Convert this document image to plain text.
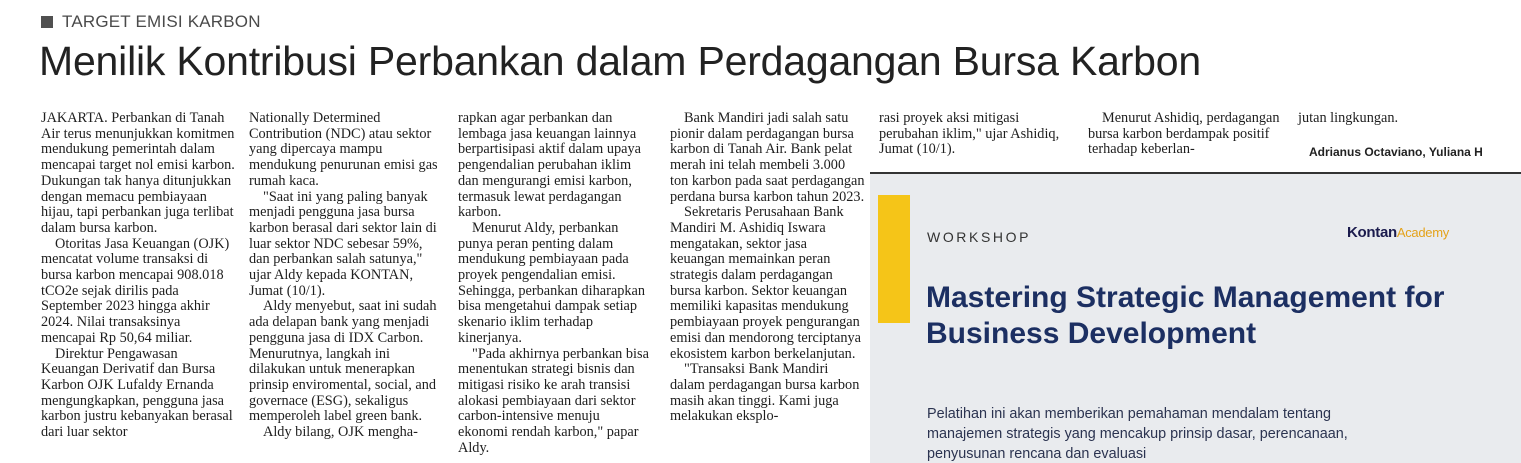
TARGET EMISI KARBON
Menilik Kontribusi Perbankan dalam Perdagangan Bursa Karbon

JAKARTA. Perbankan di Tanah Air terus menunjukkan komitmen mendukung pemerintah dalam mencapai target nol emisi karbon. Dukungan tak hanya ditunjukkan dengan memacu pembiayaan hijau, tapi perbankan juga terlibat dalam bursa karbon.

Otoritas Jasa Keuangan (OJK) mencatat volume transaksi di bursa karbon mencapai 908.018 tCO2e sejak dirilis pada September 2023 hingga akhir 2024. Nilai transaksinya mencapai Rp 50,64 miliar.

Direktur Pengawasan Keuangan Derivatif dan Bursa Karbon OJK Lufaldy Ernanda mengungkapkan, pengguna jasa karbon justru kebanyakan berasal dari luar sektor

Nationally Determined Contribution (NDC) atau sektor yang dipercaya mampu mendukung penurunan emisi gas rumah kaca.

"Saat ini yang paling banyak menjadi pengguna jasa bursa karbon berasal dari sektor lain di luar sektor NDC sebesar 59%, dan perbankan salah satunya," ujar Aldy kepada KONTAN, Jumat (10/1).

Aldy menyebut, saat ini sudah ada delapan bank yang menjadi pengguna jasa di IDX Carbon. Menurutnya, langkah ini dilakukan untuk menerapkan prinsip enviromental, social, and governace (ESG), sekaligus memperoleh label green bank.

Aldy bilang, OJK mengha-

rapkan agar perbankan dan lembaga jasa keuangan lainnya berpartisipasi aktif dalam upaya pengendalian perubahan iklim dan mengurangi emisi karbon, termasuk lewat perdagangan karbon.

Menurut Aldy, perbankan punya peran penting dalam mendukung pembiayaan pada proyek pengendalian emisi. Sehingga, perbankan diharapkan bisa mengetahui dampak setiap skenario iklim terhadap kinerjanya.

"Pada akhirnya perbankan bisa menentukan strategi bisnis dan mitigasi risiko ke arah transisi alokasi pembiayaan dari sektor carbon-intensive menuju ekonomi rendah karbon," papar Aldy.

Bank Mandiri jadi salah satu pionir dalam perdagangan bursa karbon di Tanah Air. Bank pelat merah ini telah membeli 3.000 ton karbon pada saat perdagangan perdana bursa karbon tahun 2023.

Sekretaris Perusahaan Bank Mandiri M. Ashidiq Iswara mengatakan, sektor jasa keuangan memainkan peran strategis dalam perdagangan bursa karbon. Sektor keuangan memiliki kapasitas mendukung pembiayaan proyek pengurangan emisi dan mendorong terciptanya ekosistem karbon berkelanjutan.

"Transaksi Bank Mandiri dalam perdagangan bursa karbon masih akan tinggi. Kami juga melakukan eksplo-

rasi proyek aksi mitigasi perubahan iklim," ujar Ashidiq, Jumat (10/1).

Menurut Ashidiq, perdagangan bursa karbon berdampak positif terhadap keberlan-

jutan lingkungan.

Adrianus Octaviano, Yuliana H
WORKSHOP	KontanAcademy
Mastering Strategic Management for Business Development
Pelatihan ini akan memberikan pemahaman mendalam tentang manajemen strategis yang mencakup prinsip dasar, perencanaan, penyusunan rencana dan evaluasi
